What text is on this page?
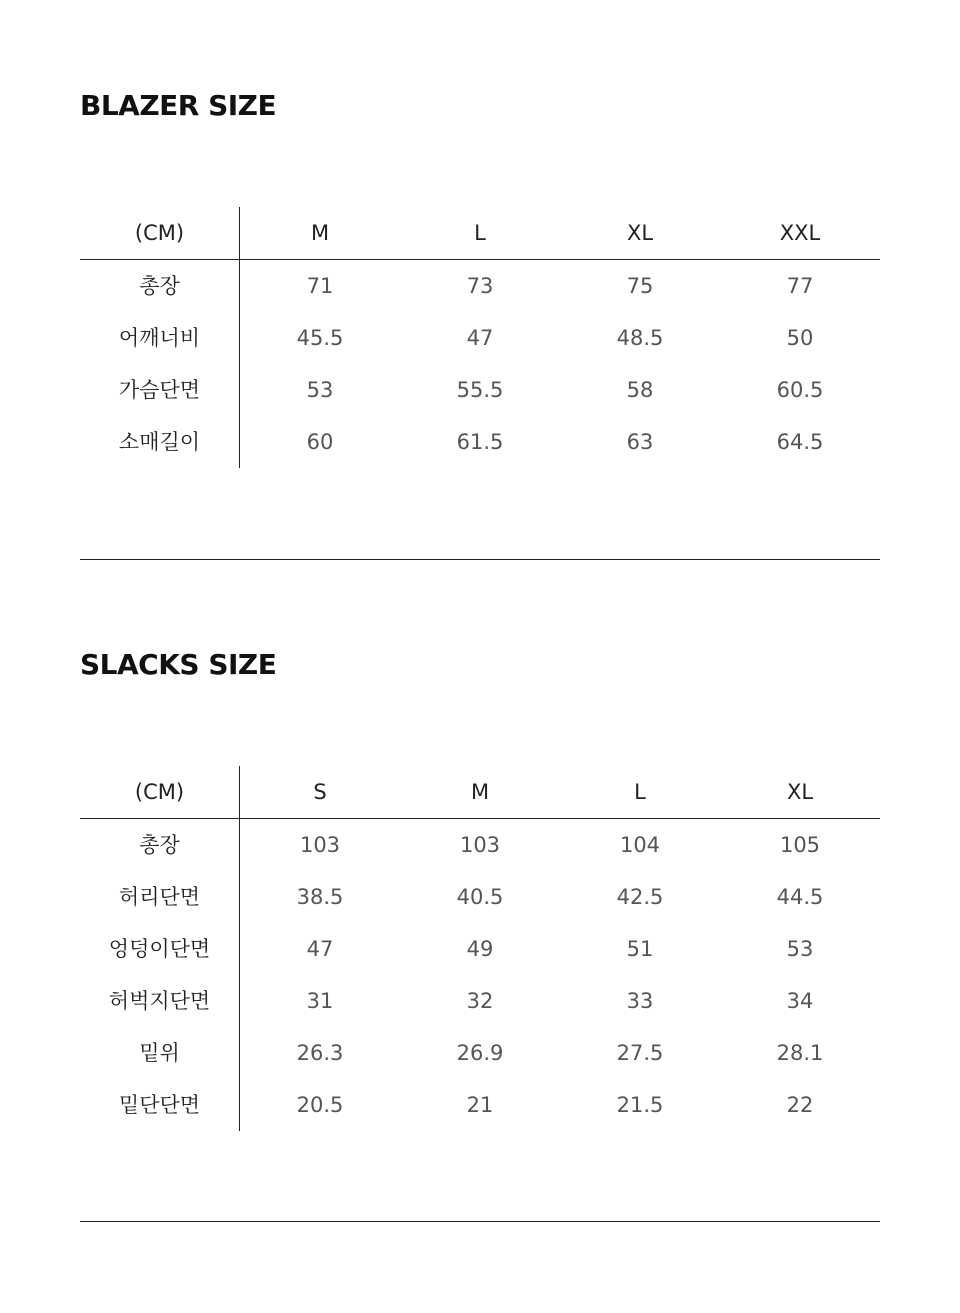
BLAZER SIZE
(CM)	M	L	XL	XXL
총장	71	73	75	77
어깨너비	45.5	47	48.5	50
가슴단면	53	55.5	58	60.5
소매길이	60	61.5	63	64.5
SLACKS SIZE
(CM)	S	M	L	XL
총장	103	103	104	105
허리단면	38.5	40.5	42.5	44.5
엉덩이단면	47	49	51	53
허벅지단면	31	32	33	34
밑위	26.3	26.9	27.5	28.1
밑단단면	20.5	21	21.5	22
